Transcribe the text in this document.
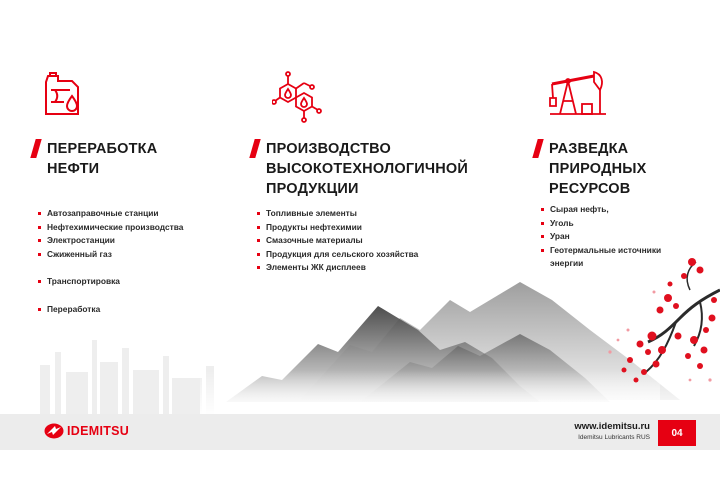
ПЕРЕРАБОТКА
НЕФТИ
Автозаправочные станции
Нефтехимические производства
Электростанции
Сжиженный газ
Транспортировка
Переработка
ПРОИЗВОДСТВО
ВЫСОКОТЕХНОЛОГИЧНОЙ
ПРОДУКЦИИ
Топливные элементы
Продукты нефтехимии
Смазочные материалы
Продукция для сельского хозяйства
Элементы ЖК дисплеев
РАЗВЕДКА
ПРИРОДНЫХ
РЕСУРСОВ
Сырая нефть,
Уголь
Уран
Геотермальные источники энергии
IDEMITSU	www.idemitsu.ru
Idemitsu Lubricants RUS	04
